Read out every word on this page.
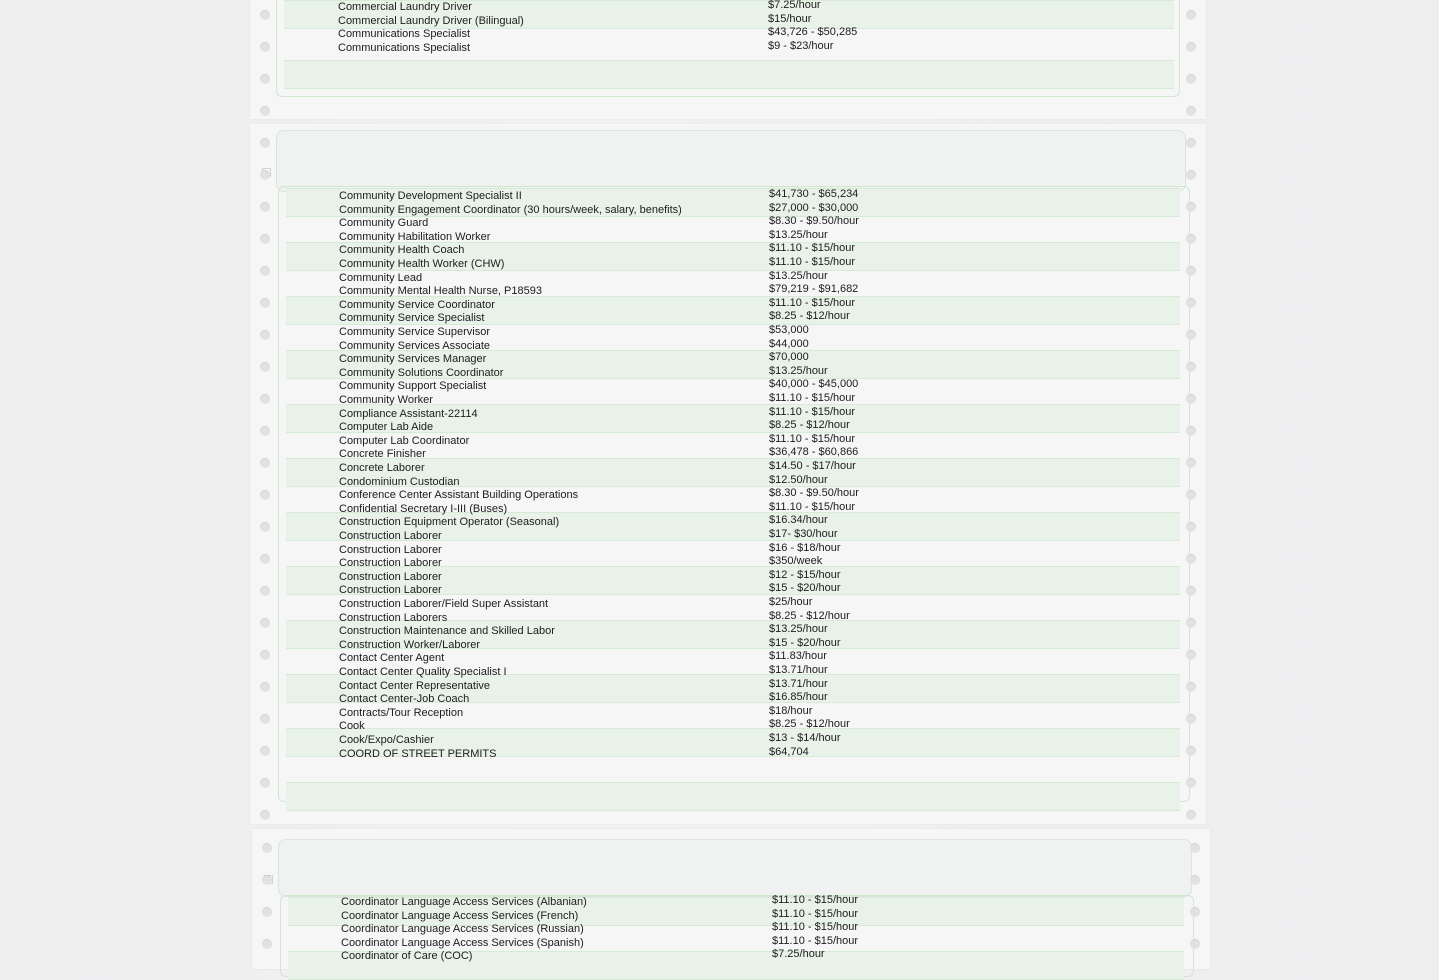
Commercial Laundry Driver	$7.25/hour
Commercial Laundry Driver (Bilingual)	$15/hour
Communications Specialist	$43,726 - $50,285
Communications Specialist	$9 - $23/hour
Community Development Specialist II	$41,730 - $65,234
Community Engagement Coordinator (30 hours/week, salary, benefits)	$27,000 - $30,000
Community Guard	$8.30 - $9.50/hour
Community Habilitation Worker	$13.25/hour
Community Health Coach	$11.10 - $15/hour
Community Health Worker (CHW)	$11.10 - $15/hour
Community Lead	$13.25/hour
Community Mental Health Nurse, P18593	$79,219 - $91,682
Community Service Coordinator	$11.10 - $15/hour
Community Service Specialist	$8.25 - $12/hour
Community Service Supervisor	$53,000
Community Services Associate	$44,000
Community Services Manager	$70,000
Community Solutions Coordinator	$13.25/hour
Community Support Specialist	$40,000 - $45,000
Community Worker	$11.10 - $15/hour
Compliance Assistant-22114	$11.10 - $15/hour
Computer Lab Aide	$8.25 - $12/hour
Computer Lab Coordinator	$11.10 - $15/hour
Concrete Finisher	$36,478 - $60,866
Concrete Laborer	$14.50 - $17/hour
Condominium Custodian	$12.50/hour
Conference Center Assistant Building Operations	$8.30 - $9.50/hour
Confidential Secretary I-III (Buses)	$11.10 - $15/hour
Construction Equipment Operator (Seasonal)	$16.34/hour
Construction Laborer	$17- $30/hour
Construction Laborer	$16 - $18/hour
Construction Laborer	$350/week
Construction Laborer	$12 - $15/hour
Construction Laborer	$15 - $20/hour
Construction Laborer/Field Super Assistant	$25/hour
Construction Laborers	$8.25 - $12/hour
Construction Maintenance and Skilled Labor	$13.25/hour
Construction Worker/Laborer	$15 - $20/hour
Contact Center Agent	$11.83/hour
Contact Center Quality Specialist I	$13.71/hour
Contact Center Representative	$13.71/hour
Contact Center-Job Coach	$16.85/hour
Contracts/Tour Reception	$18/hour
Cook	$8.25 - $12/hour
Cook/Expo/Cashier	$13 - $14/hour
COORD OF STREET PERMITS	$64,704
Coordinator Language Access Services (Albanian)	$11.10 - $15/hour
Coordinator Language Access Services (French)	$11.10 - $15/hour
Coordinator Language Access Services (Russian)	$11.10 - $15/hour
Coordinator Language Access Services (Spanish)	$11.10 - $15/hour
Coordinator of Care (COC)	$7.25/hour
